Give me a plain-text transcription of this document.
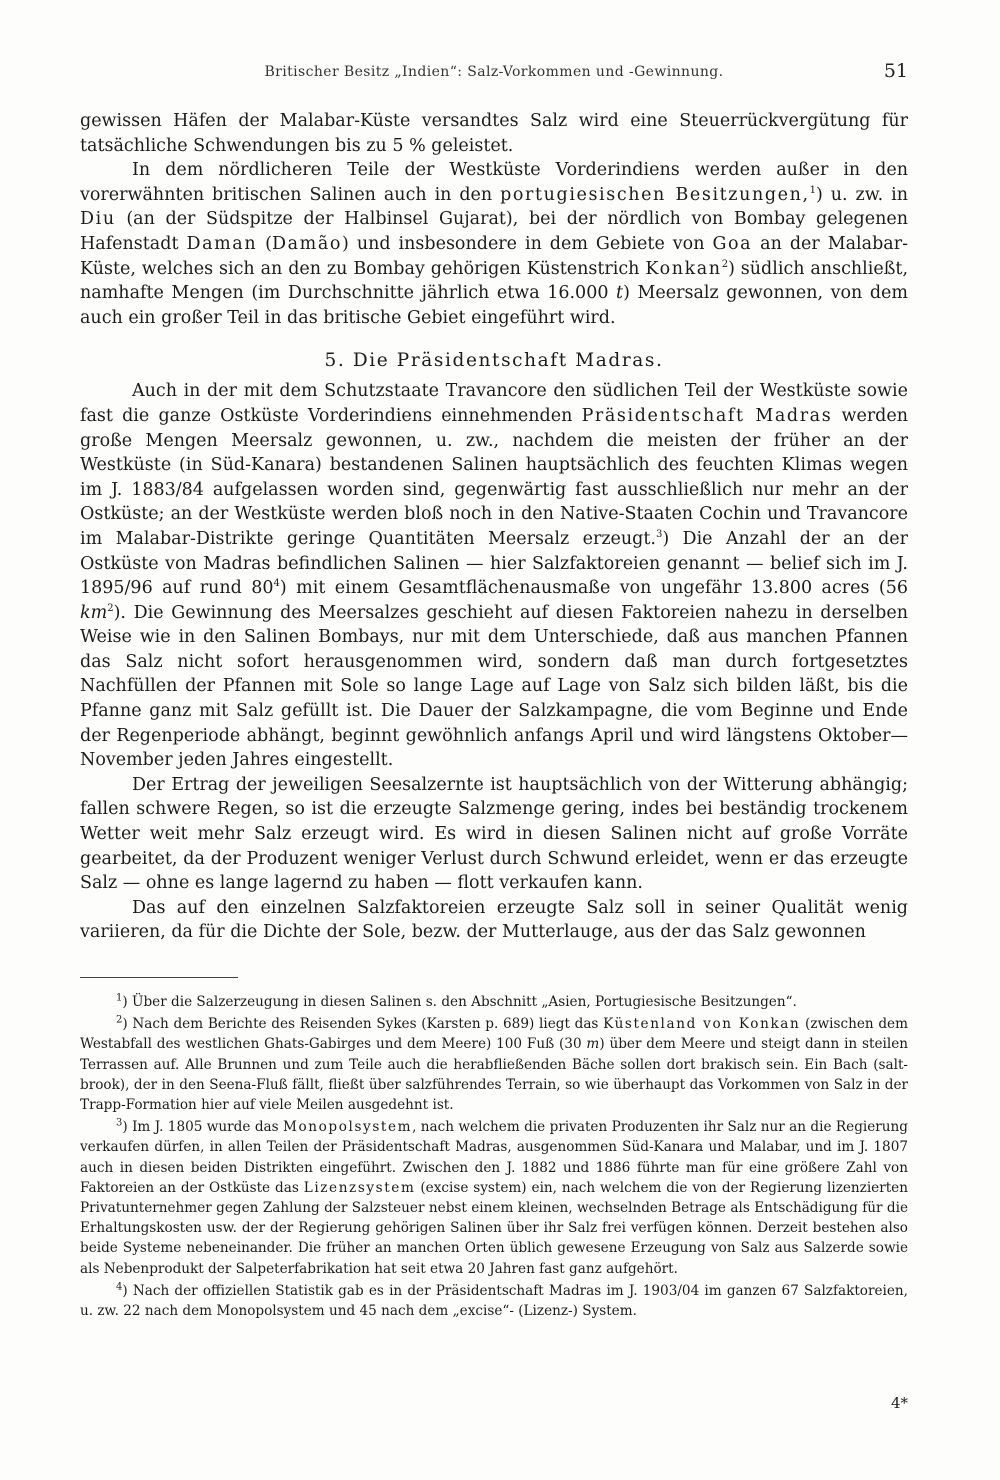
Britischer Besitz „Indien“: Salz-Vorkommen und -Gewinnung.	51

gewissen Häfen der Malabar-Küste versandtes Salz wird eine Steuerrückvergütung für tatsächliche Schwendungen bis zu 5 % geleistet.

In dem nördlicheren Teile der Westküste Vorderindiens werden außer in den vorerwähnten britischen Salinen auch in den portugiesischen Besitzungen,$^1$) u. zw. in Diu (an der Südspitze der Halbinsel Gujarat), bei der nördlich von Bombay gelegenen Hafenstadt Daman (Damão) und insbesondere in dem Gebiete von Goa an der Malabar-Küste, welches sich an den zu Bombay gehörigen Küstenstrich Konkan$^2$) südlich anschließt, namhafte Mengen (im Durchschnitte jährlich etwa 16.000 t) Meersalz gewonnen, von dem auch ein großer Teil in das britische Gebiet eingeführt wird.

5. Die Präsidentschaft Madras.

Auch in der mit dem Schutzstaate Travancore den südlichen Teil der Westküste sowie fast die ganze Ostküste Vorderindiens einnehmenden Präsidentschaft Madras werden große Mengen Meersalz gewonnen, u. zw., nachdem die meisten der früher an der Westküste (in Süd-Kanara) bestandenen Salinen hauptsächlich des feuchten Klimas wegen im J. 1883/84 aufgelassen worden sind, gegenwärtig fast ausschließlich nur mehr an der Ostküste; an der Westküste werden bloß noch in den Native-Staaten Cochin und Travancore im Malabar-Distrikte geringe Quantitäten Meersalz erzeugt.$^3$) Die Anzahl der an der Ostküste von Madras befindlichen Salinen — hier Salzfaktoreien genannt — belief sich im J. 1895/96 auf rund $80^4$) mit einem Gesamtflächenausmaße von ungefähr 13.800 acres (56 $km^2$). Die Gewinnung des Meersalzes geschieht auf diesen Faktoreien nahezu in derselben Weise wie in den Salinen Bombays, nur mit dem Unterschiede, daß aus manchen Pfannen das Salz nicht sofort herausgenommen wird, sondern daß man durch fortgesetztes Nachfüllen der Pfannen mit Sole so lange Lage auf Lage von Salz sich bilden läßt, bis die Pfanne ganz mit Salz gefüllt ist. Die Dauer der Salzkampagne, die vom Beginne und Ende der Regenperiode abhängt, beginnt gewöhnlich anfangs April und wird längstens Oktober—November jeden Jahres eingestellt.

Der Ertrag der jeweiligen Seesalzernte ist hauptsächlich von der Witterung abhängig; fallen schwere Regen, so ist die erzeugte Salzmenge gering, indes bei beständig trockenem Wetter weit mehr Salz erzeugt wird. Es wird in diesen Salinen nicht auf große Vorräte gearbeitet, da der Produzent weniger Verlust durch Schwund erleidet, wenn er das erzeugte Salz — ohne es lange lagernd zu haben — flott verkaufen kann.

Das auf den einzelnen Salzfaktoreien erzeugte Salz soll in seiner Qualität wenig variieren, da für die Dichte der Sole, bezw. der Mutterlauge, aus der das Salz gewonnen

$^1$) Über die Salzerzeugung in diesen Salinen s. den Abschnitt „Asien, Portugiesische Besitzungen“.

$^2$) Nach dem Berichte des Reisenden Sykes (Karsten p. 689) liegt das Küstenland von Konkan (zwischen dem Westabfall des westlichen Ghats-Gabirges und dem Meere) 100 Fuß (30 m) über dem Meere und steigt dann in steilen Terrassen auf. Alle Brunnen und zum Teile auch die herabfließenden Bäche sollen dort brakisch sein. Ein Bach (salt-brook), der in den Seena-Fluß fällt, fließt über salzführendes Terrain, so wie überhaupt das Vorkommen von Salz in der Trapp-Formation hier auf viele Meilen ausgedehnt ist.

$^3$) Im J. 1805 wurde das Monopolsystem, nach welchem die privaten Produzenten ihr Salz nur an die Regierung verkaufen dürfen, in allen Teilen der Präsidentschaft Madras, ausgenommen Süd-Kanara und Malabar, und im J. 1807 auch in diesen beiden Distrikten eingeführt. Zwischen den J. 1882 und 1886 führte man für eine größere Zahl von Faktoreien an der Ostküste das Lizenzsystem (excise system) ein, nach welchem die von der Regierung lizenzierten Privatunternehmer gegen Zahlung der Salzsteuer nebst einem kleinen, wechselnden Betrage als Entschädigung für die Erhaltungskosten usw. der der Regierung gehörigen Salinen über ihr Salz frei verfügen können. Derzeit bestehen also beide Systeme nebeneinander. Die früher an manchen Orten üblich gewesene Erzeugung von Salz aus Salzerde sowie als Nebenprodukt der Salpeterfabrikation hat seit etwa 20 Jahren fast ganz aufgehört.

$^4$) Nach der offiziellen Statistik gab es in der Präsidentschaft Madras im J. 1903/04 im ganzen 67 Salzfaktoreien, u. zw. 22 nach dem Monopolsystem und 45 nach dem „excise“- (Lizenz-) System.

4*
